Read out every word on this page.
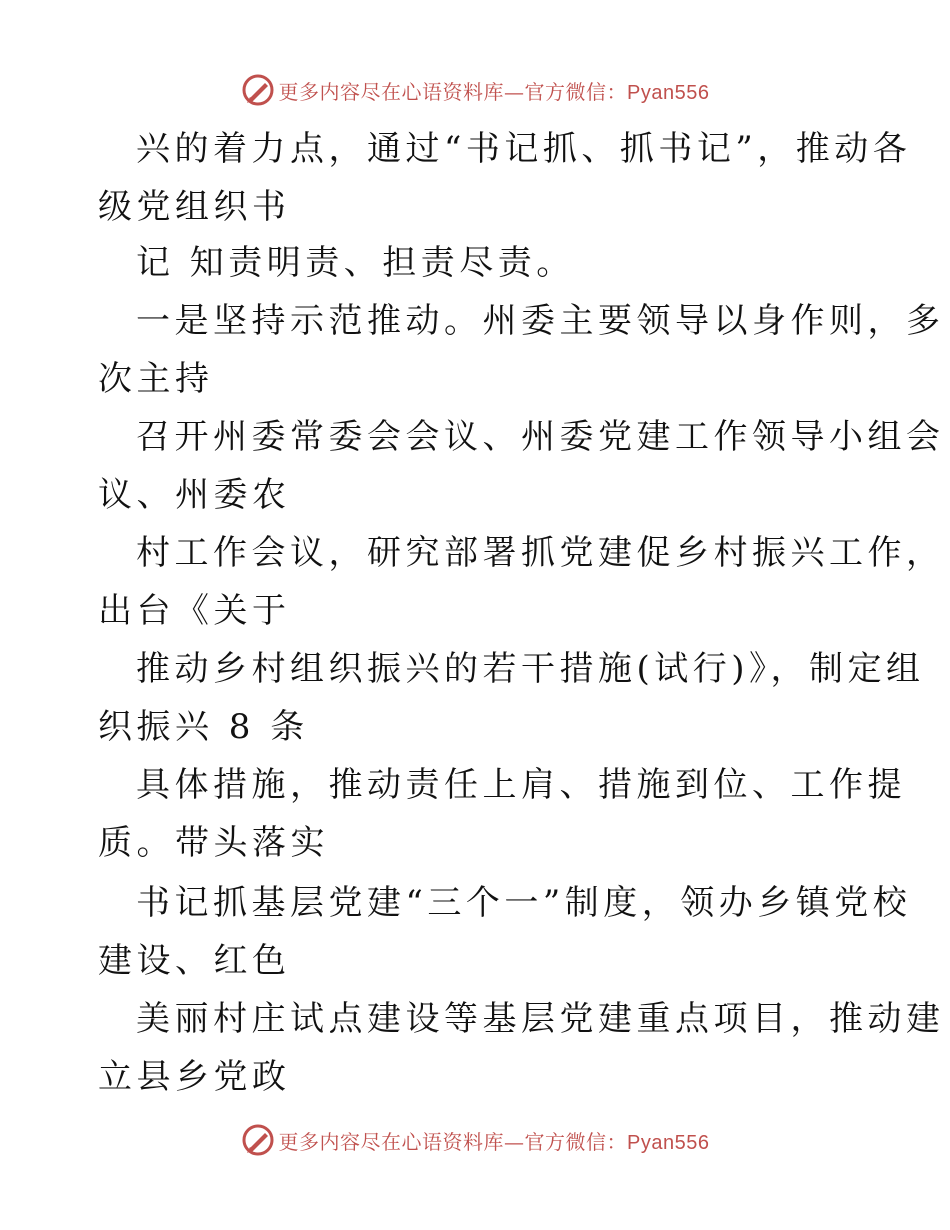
更多内容尽在心语资料库—官方微信：Pyan556
兴的着力点，通过“书记抓、抓书记”，推动各
级党组织书
记 知责明责、担责尽责。
一是坚持示范推动。州委主要领导以身作则，多
次主持
召开州委常委会会议、州委党建工作领导小组会
议、州委农
村工作会议，研究部署抓党建促乡村振兴工作，
出台《关于
推动乡村组织振兴的若干措施(试行)》，制定组
织振兴 8 条
具体措施，推动责任上肩、措施到位、工作提
质。带头落实
书记抓基层党建“三个一”制度，领办乡镇党校
建设、红色
美丽村庄试点建设等基层党建重点项目，推动建
立县乡党政
更多内容尽在心语资料库—官方微信：Pyan556
